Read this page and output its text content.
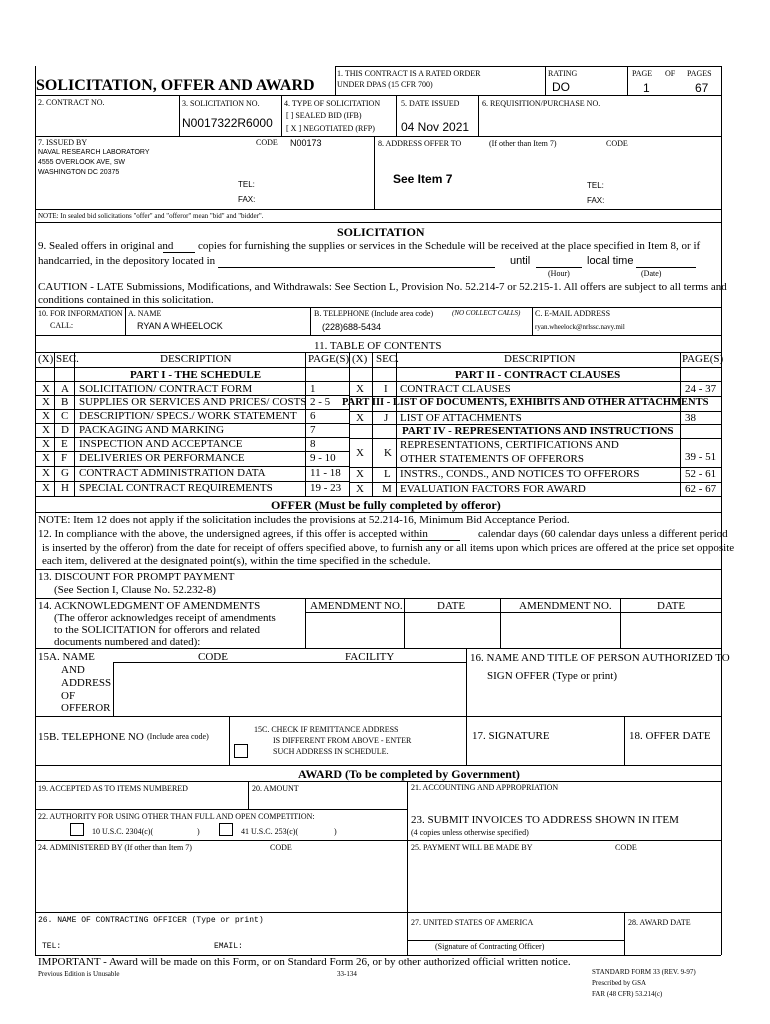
SOLICITATION, OFFER AND AWARD
1. THIS CONTRACT IS A RATED ORDER
UNDER DPAS (15 CFR 700)
RATING
DO
PAGE OF PAGES
1	67
2. CONTRACT NO.	3. SOLICITATION NO.
N0017322R6000
4. TYPE OF SOLICITATION
[ ] SEALED BID (IFB)
[ X ] NEGOTIATED (RFP)
5. DATE ISSUED
04 Nov 2021
6. REQUISITION/PURCHASE NO.
7. ISSUED BY	CODE N00173
NAVAL RESEARCH LABORATORY
4555 OVERLOOK AVE, SW
WASHINGTON DC 20375
8. ADDRESS OFFER TO	(If other than Item 7)	CODE
See Item 7
TEL:
FAX:
TEL:
FAX:
NOTE: In sealed bid solicitations "offer" and "offeror" mean "bid" and "bidder".
SOLICITATION
9. Sealed offers in original and copies for furnishing the supplies or services in the Schedule will be received at the place specified in Item 8, or if
handcarried, in the depository located in	until	local time
(Hour)	(Date)
CAUTION - LATE Submissions, Modifications, and Withdrawals: See Section L, Provision No. 52.214-7 or 52.215-1. All offers are subject to all terms and
conditions contained in this solicitation.
10. FOR INFORMATION A. NAME
CALL:	RYAN A WHEELOCK
B. TELEPHONE (Include area code)	(NO COLLECT CALLS)
(228)688-5434
C. E-MAIL ADDRESS
ryan.wheelock@nrlssc.navy.mil
11. TABLE OF CONTENTS
(X) SEC.	DESCRIPTION	PAGE(S) (X) SEC.	DESCRIPTION	PAGE(S)
PART I - THE SCHEDULE	PART II - CONTRACT CLAUSES
X A SOLICITATION/ CONTRACT FORM	1
X B SUPPLIES OR SERVICES AND PRICES/ COSTS 2 - 5
X C DESCRIPTION/ SPECS./ WORK STATEMENT 6
X D PACKAGING AND MARKING	7
X E INSPECTION AND ACCEPTANCE	8
X F DELIVERIES OR PERFORMANCE	9 - 10
X G CONTRACT ADMINISTRATION DATA	11 - 18
X H SPECIAL CONTRACT REQUIREMENTS	19 - 23
X I CONTRACT CLAUSES	24 - 37
PART III - LIST OF DOCUMENTS, EXHIBITS AND OTHER ATTACHMENTS
X J LIST OF ATTACHMENTS	38
PART IV - REPRESENTATIONS AND INSTRUCTIONS
REPRESENTATIONS, CERTIFICATIONS AND
X K OTHER STATEMENTS OF OFFERORS	39 - 51
X L INSTRS., CONDS., AND NOTICES TO OFFERORS	52 - 61
X M EVALUATION FACTORS FOR AWARD	62 - 67
OFFER (Must be fully completed by offeror)
NOTE: Item 12 does not apply if the solicitation includes the provisions at 52.214-16, Minimum Bid Acceptance Period.
12. In compliance with the above, the undersigned agrees, if this offer is accepted within	calendar days (60 calendar days unless a different period
is inserted by the offeror) from the date for receipt of offers specified above, to furnish any or all items upon which prices are offered at the price set opposite
each item, delivered at the designated point(s), within the time specified in the schedule.
13. DISCOUNT FOR PROMPT PAYMENT
(See Section I, Clause No. 52.232-8)
14. ACKNOWLEDGMENT OF AMENDMENTS
(The offeror acknowledges receipt of amendments
to the SOLICITATION for offerors and related
documents numbered and dated):
AMENDMENT NO.	DATE	AMENDMENT NO.	DATE
15A. NAME
AND
ADDRESS
OF
OFFEROR
CODE	FACILITY	16. NAME AND TITLE OF PERSON AUTHORIZED TO
SIGN OFFER (Type or print)
15B. TELEPHONE NO (Include area code)
15C. CHECK IF REMITTANCE ADDRESS
IS DIFFERENT FROM ABOVE - ENTER
SUCH ADDRESS IN SCHEDULE.
17. SIGNATURE	18. OFFER DATE
AWARD (To be completed by Government)
19. ACCEPTED AS TO ITEMS NUMBERED	20. AMOUNT	21. ACCOUNTING AND APPROPRIATION
22. AUTHORITY FOR USING OTHER THAN FULL AND OPEN COMPETITION:
10 U.S.C. 2304(c)(	)	41 U.S.C. 253(c)(	)
23. SUBMIT INVOICES TO ADDRESS SHOWN IN ITEM
(4 copies unless otherwise specified)
24. ADMINISTERED BY (If other than Item 7)	CODE	25. PAYMENT WILL BE MADE BY	CODE
26. NAME OF CONTRACTING OFFICER (Type or print)	27. UNITED STATES OF AMERICA	28. AWARD DATE
TEL:	EMAIL:	(Signature of Contracting Officer)
IMPORTANT - Award will be made on this Form, or on Standard Form 26, or by other authorized official written notice.
Previous Edition is Unusable	33-134	STANDARD FORM 33 (REV. 9-97)
Prescribed by GSA
FAR (48 CFR) 53.214(c)
